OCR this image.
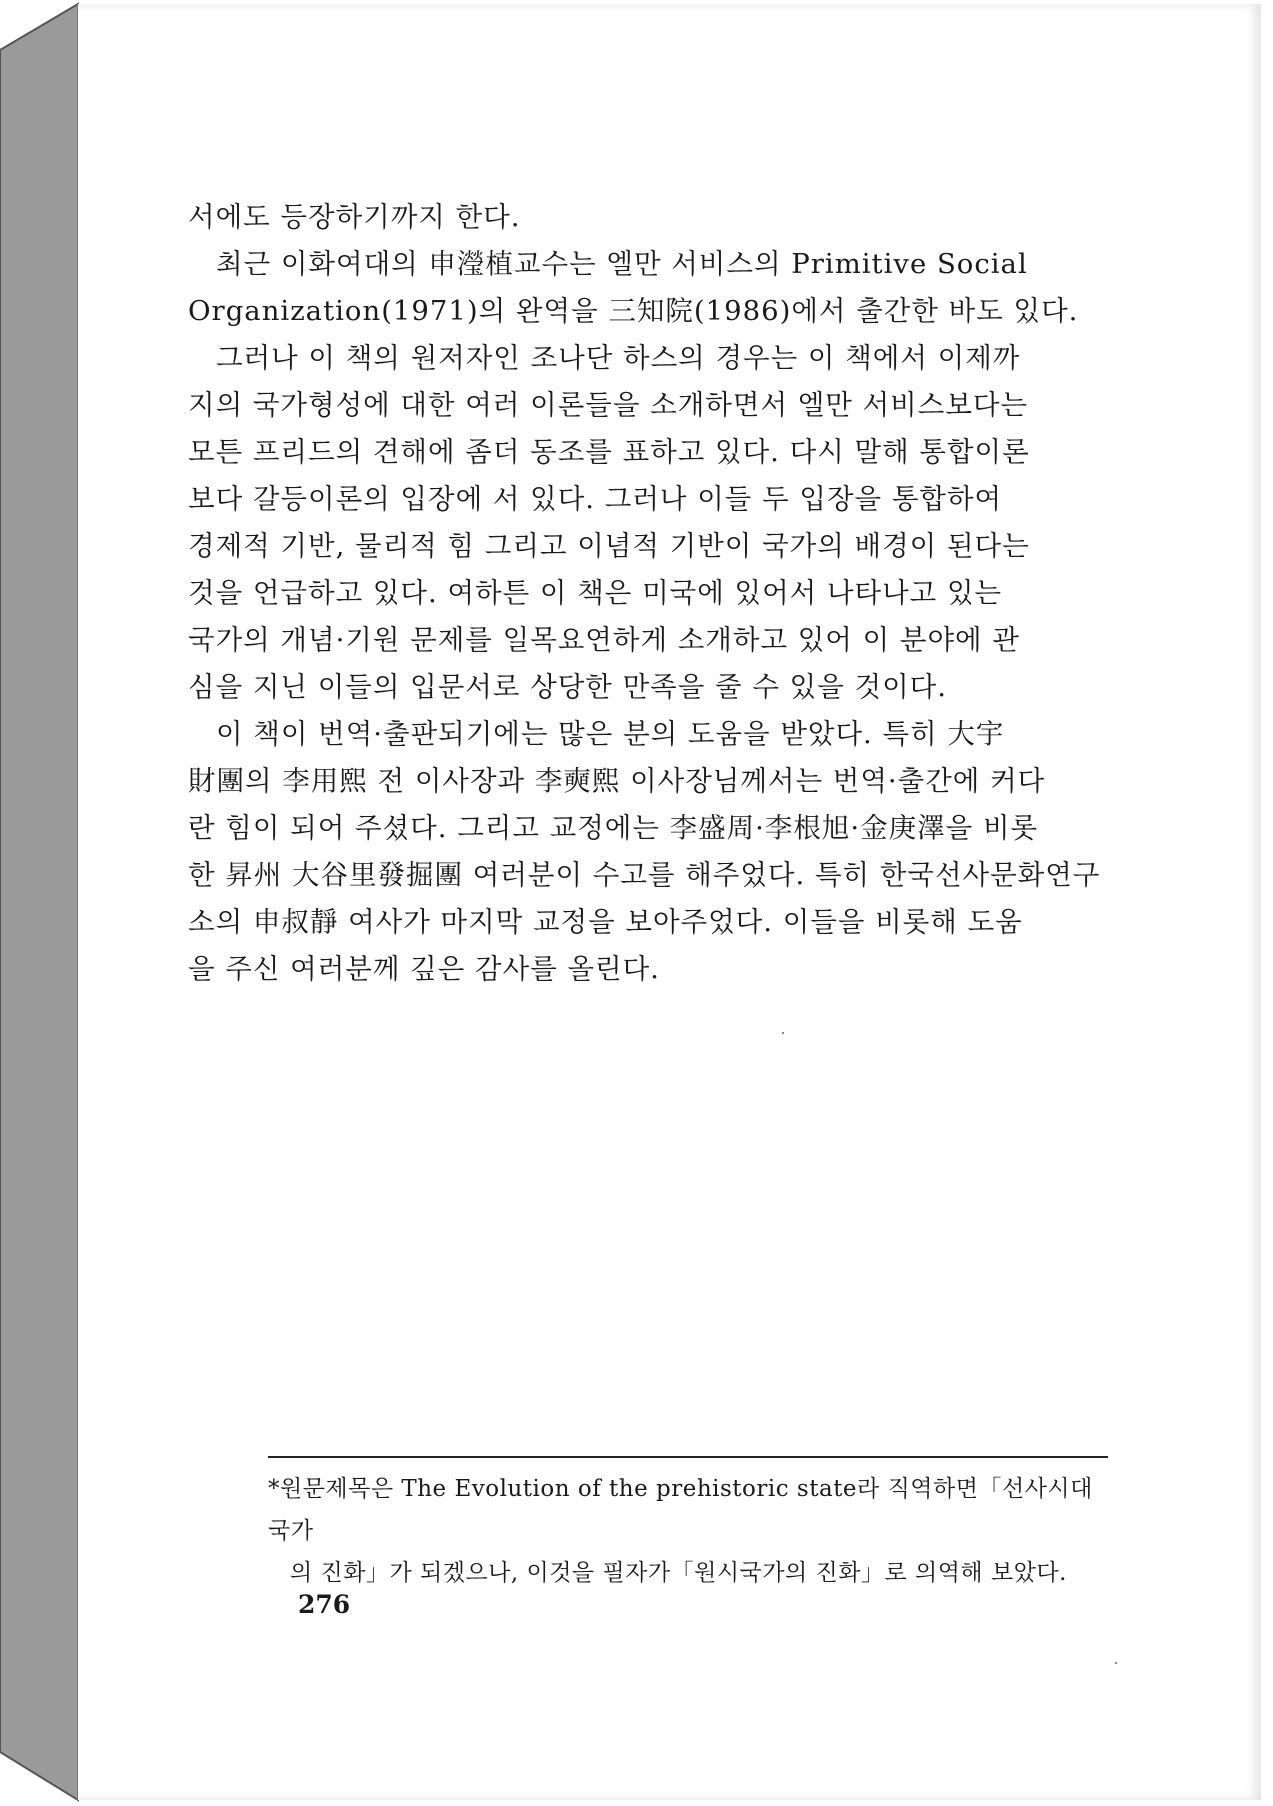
서에도 등장하기까지 한다.

최근 이화여대의 申瀅植교수는 엘만 서비스의 Primitive Social

Organization(1971)의 완역을 三知院(1986)에서 출간한 바도 있다.

그러나 이 책의 원저자인 조나단 하스의 경우는 이 책에서 이제까

지의 국가형성에 대한 여러 이론들을 소개하면서 엘만 서비스보다는

모튼 프리드의 견해에 좀더 동조를 표하고 있다. 다시 말해 통합이론

보다 갈등이론의 입장에 서 있다. 그러나 이들 두 입장을 통합하여

경제적 기반, 물리적 힘 그리고 이념적 기반이 국가의 배경이 된다는

것을 언급하고 있다. 여하튼 이 책은 미국에 있어서 나타나고 있는

국가의 개념·기원 문제를 일목요연하게 소개하고 있어 이 분야에 관

심을 지닌 이들의 입문서로 상당한 만족을 줄 수 있을 것이다.

이 책이 번역·출판되기에는 많은 분의 도움을 받았다. 특히 大宇

財團의 李用熙 전 이사장과 李奭熙 이사장님께서는 번역·출간에 커다

란 힘이 되어 주셨다. 그리고 교정에는 李盛周·李根旭·金庚澤을 비롯

한 昇州 大谷里發掘團 여러분이 수고를 해주었다. 특히 한국선사문화연구

소의 申叔靜 여사가 마지막 교정을 보아주었다. 이들을 비롯해 도움

을 주신 여러분께 깊은 감사를 올린다.

*원문제목은 The Evolution of the prehistoric state라 직역하면「선사시대 국가

의 진화」가 되겠으나, 이것을 필자가「원시국가의 진화」로 의역해 보았다.

276
